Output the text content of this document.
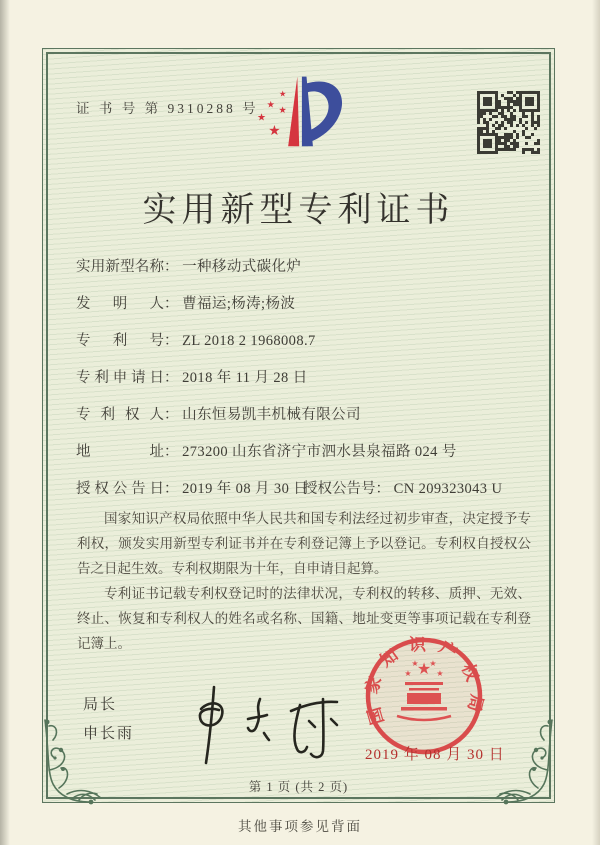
证 书 号 第 9310288 号
★
★
★
★
★
实用新型专利证书
实用新型名称： 一种移动式碳化炉
发明人： 曹福运;杨涛;杨波
专利号： ZL 2018 2 1968008.7
专利申请日： 2018 年 11 月 28 日
专利权人： 山东恒易凯丰机械有限公司
地址： 273200 山东省济宁市泗水县泉福路 024 号
授权公告日： 2019 年 08 月 30 日
授权公告号： CN 209323043 U

国家知识产权局依照中华人民共和国专利法经过初步审查，决定授予专利权，颁发实用新型专利证书并在专利登记簿上予以登记。专利权自授权公告之日起生效。专利权期限为十年，自申请日起算。

专利证书记载专利权登记时的法律状况，专利权的转移、质押、无效、终止、恢复和专利权人的姓名或名称、国籍、地址变更等事项记载在专利登记簿上。

局长
申长雨
国家知识产权局
★
★
★ ★
★
2019 年 08 月 30 日
第 1 页 (共 2 页)
其他事项参见背面
